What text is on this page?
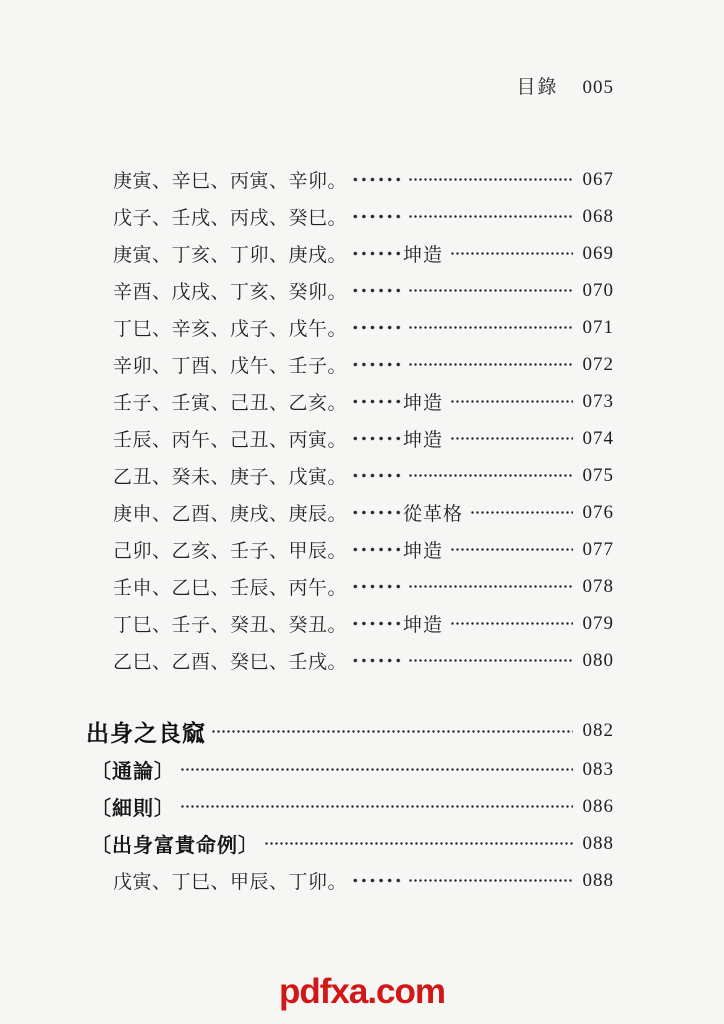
目錄 005
庚寅、辛巳、丙寅、辛卯。	067
戊子、壬戌、丙戌、癸巳。	068
庚寅、丁亥、丁卯、庚戌。	坤造	069
辛酉、戊戌、丁亥、癸卯。	070
丁巳、辛亥、戊子、戊午。	071
辛卯、丁酉、戊午、壬子。	072
壬子、壬寅、己丑、乙亥。	坤造	073
壬辰、丙午、己丑、丙寅。	坤造	074
乙丑、癸未、庚子、戊寅。	075
庚申、乙酉、庚戌、庚辰。	從革格	076
己卯、乙亥、壬子、甲辰。	坤造	077
壬申、乙巳、壬辰、丙午。	078
丁巳、壬子、癸丑、癸丑。	坤造	079
乙巳、乙酉、癸巳、壬戌。	080
出身之良窳	082
〔通論〕	083
〔細則〕	086
〔出身富貴命例〕	088
戊寅、丁巳、甲辰、丁卯。	088
pdfxa.com
